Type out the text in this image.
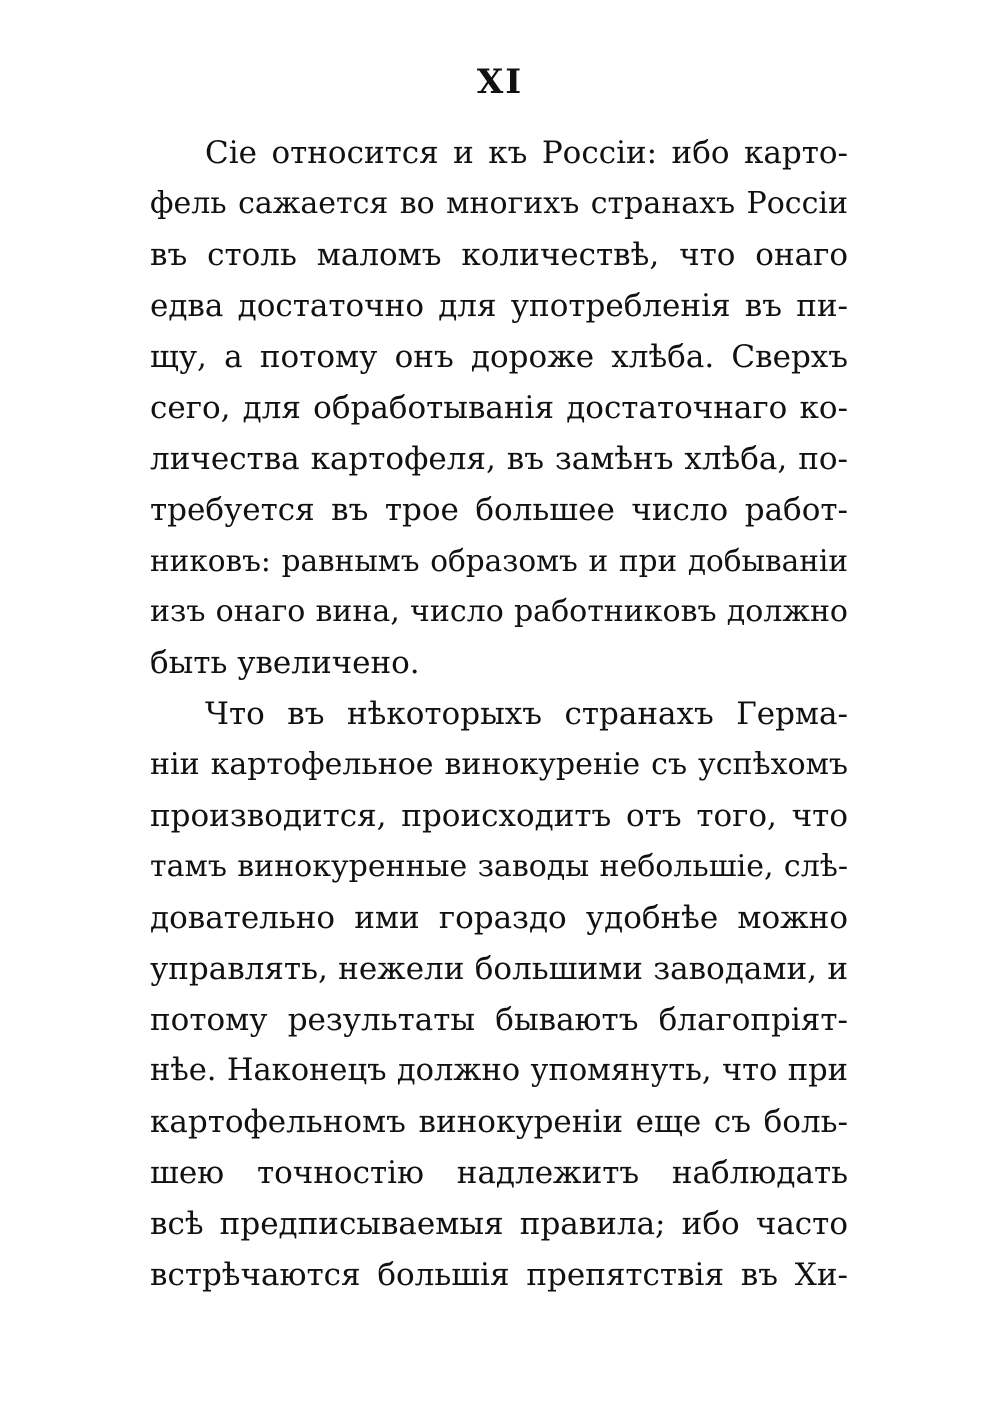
XI
Сіе относится и къ Россіи: ибо карто-
фель сажается во многихъ странахъ Россіи
въ столь маломъ количествѣ, что онаго
едва достаточно для употребленія въ пи-
щу, а потому онъ дороже хлѣба. Сверхъ
сего, для обработыванія достаточнаго ко-
личества картофеля, въ замѣнъ хлѣба, по-
требуется въ трое большее число работ-
никовъ: равнымъ образомъ и при добываніи
изъ онаго вина, число работниковъ должно
быть увеличено.
Что въ нѣкоторыхъ странахъ Герма-
ніи картофельное винокуреніе съ успѣхомъ
производится, происходитъ отъ того, что
тамъ винокуренные заводы небольшіе, слѣ-
довательно ими гораздо удобнѣе можно
управлять, нежели большими заводами, и
потому результаты бываютъ благопріят-
нѣе. Наконецъ должно упомянуть, что при
картофельномъ винокуреніи еще съ боль-
шею точностію надлежитъ наблюдать
всѣ предписываемыя правила; ибо часто
встрѣчаются большія препятствія въ Хи-
